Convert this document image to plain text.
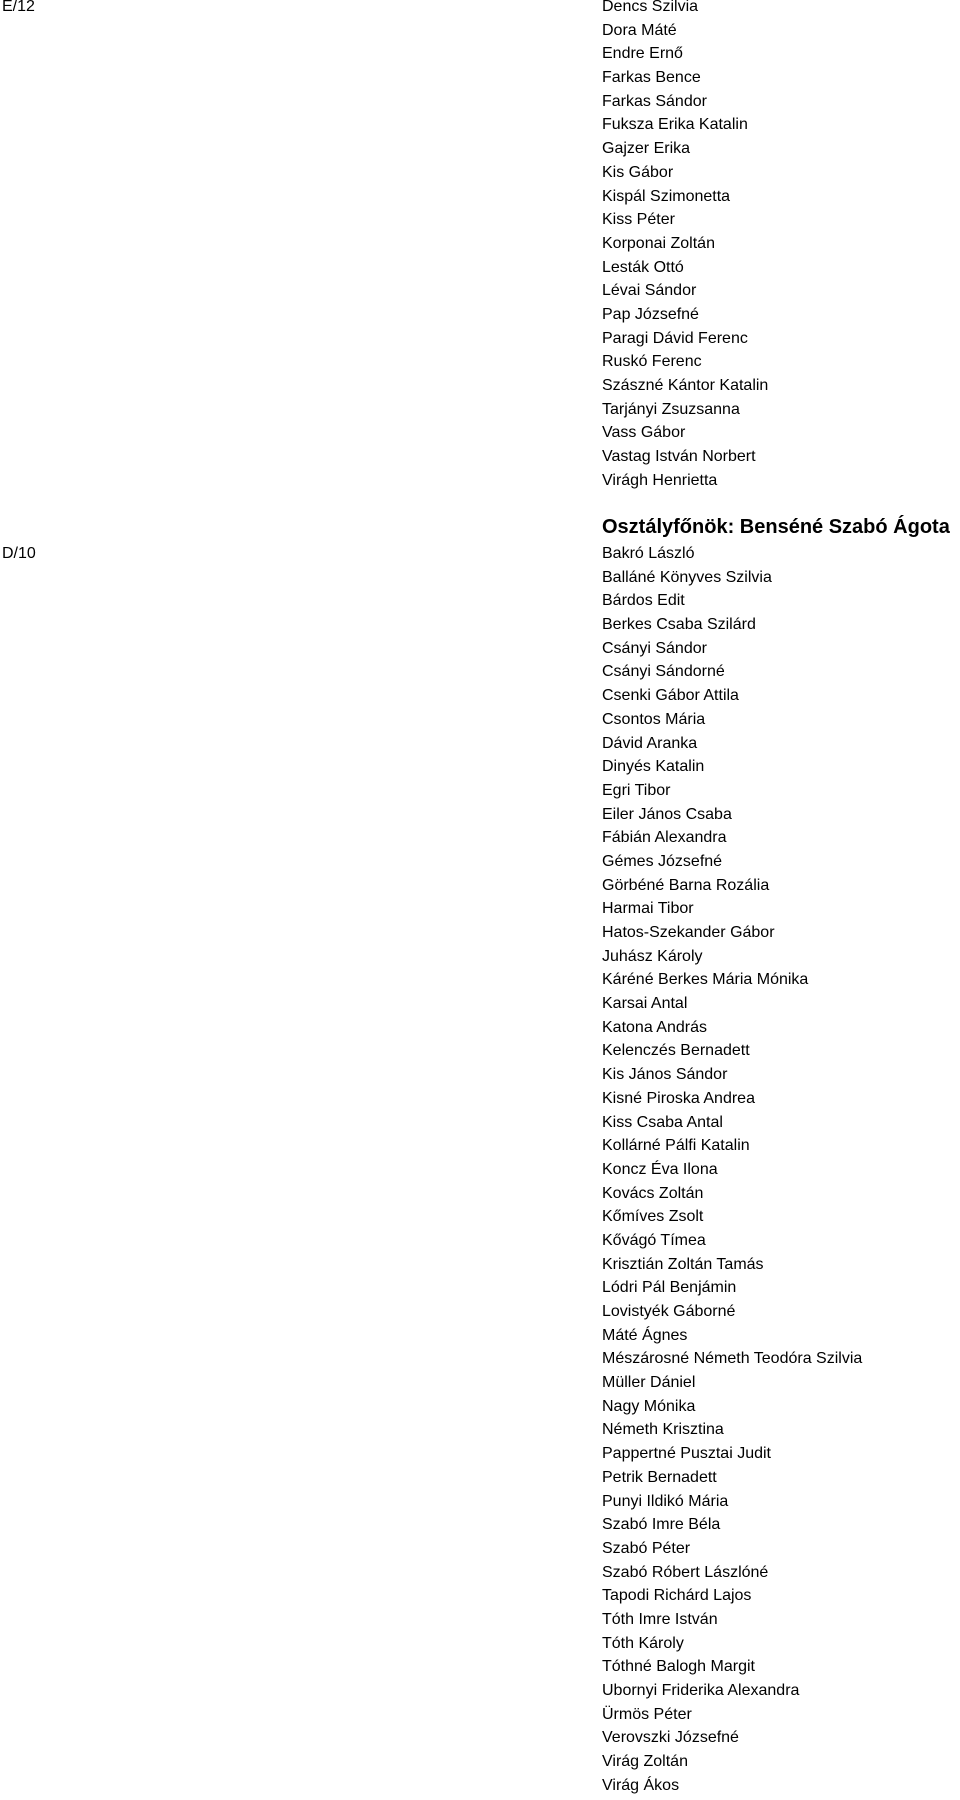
E/12	Dencs Szilvia
Dora Máté
Endre Ernő
Farkas Bence
Farkas Sándor
Fuksza Erika Katalin
Gajzer Erika
Kis Gábor
Kispál Szimonetta
Kiss Péter
Korponai Zoltán
Lesták Ottó
Lévai Sándor
Pap Józsefné
Paragi Dávid Ferenc
Ruskó Ferenc
Szászné Kántor Katalin
Tarjányi Zsuzsanna
Vass Gábor
Vastag István Norbert
Virágh Henrietta

Osztályfőnök: Benséné Szabó Ágota

D/10	Bakró László
Balláné Könyves Szilvia
Bárdos Edit
Berkes Csaba Szilárd
Csányi Sándor
Csányi Sándorné
Csenki Gábor Attila
Csontos Mária
Dávid Aranka
Dinyés Katalin
Egri Tibor
Eiler János Csaba
Fábián Alexandra
Gémes Józsefné
Görbéné Barna Rozália
Harmai Tibor
Hatos-Szekander Gábor
Juhász Károly
Káréné Berkes Mária Mónika
Karsai Antal
Katona András
Kelenczés Bernadett
Kis János Sándor
Kisné Piroska Andrea
Kiss Csaba Antal
Kollárné Pálfi Katalin
Koncz Éva Ilona
Kovács Zoltán
Kőmíves Zsolt
Kővágó Tímea
Krisztián Zoltán Tamás
Lódri Pál Benjámin
Lovistyék Gáborné
Máté Ágnes
Mészárosné Németh Teodóra Szilvia
Müller Dániel
Nagy Mónika
Németh Krisztina
Pappertné Pusztai Judit
Petrik Bernadett
Punyi Ildikó Mária
Szabó Imre Béla
Szabó Péter
Szabó Róbert Lászlóné
Tapodi Richárd Lajos
Tóth Imre István
Tóth Károly
Tóthné Balogh Margit
Ubornyi Friderika Alexandra
Ürmös Péter
Verovszki Józsefné
Virág Zoltán
Virág Ákos
